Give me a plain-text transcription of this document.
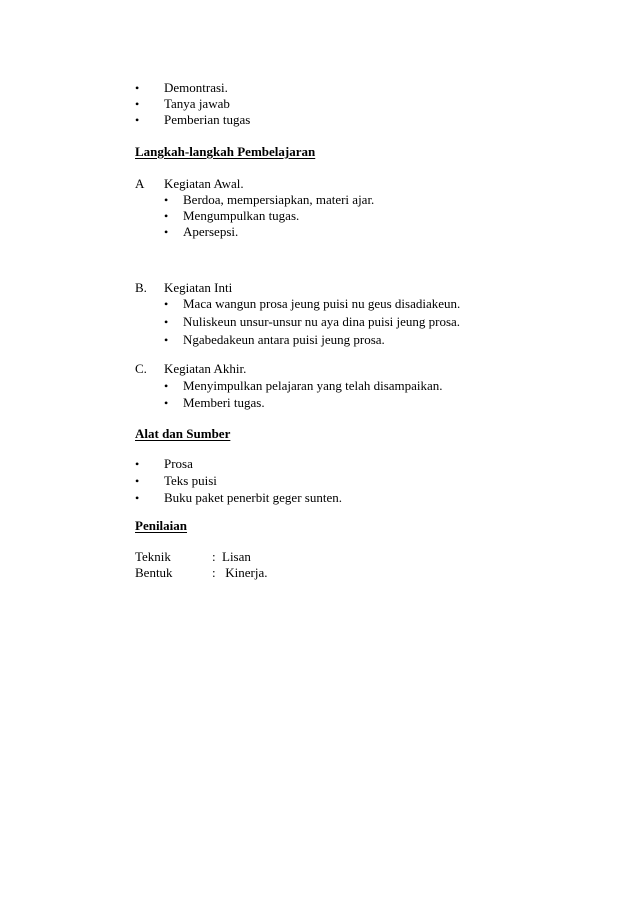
• Demontrasi.
• Tanya jawab
• Pemberian tugas
Langkah-langkah Pembelajaran
A Kegiatan Awal.
• Berdoa, mempersiapkan, materi ajar.
• Mengumpulkan tugas.
• Apersepsi.
B. Kegiatan Inti
• Maca wangun prosa jeung puisi nu geus disadiakeun.
• Nuliskeun unsur-unsur nu aya dina puisi jeung prosa.
• Ngabedakeun antara puisi jeung prosa.
C. Kegiatan Akhir.
• Menyimpulkan pelajaran yang telah disampaikan.
• Memberi tugas.
Alat dan Sumber
• Prosa
• Teks puisi
• Buku paket penerbit geger sunten.
Penilaian
Teknik	: Lisan
Bentuk	: Kinerja.
